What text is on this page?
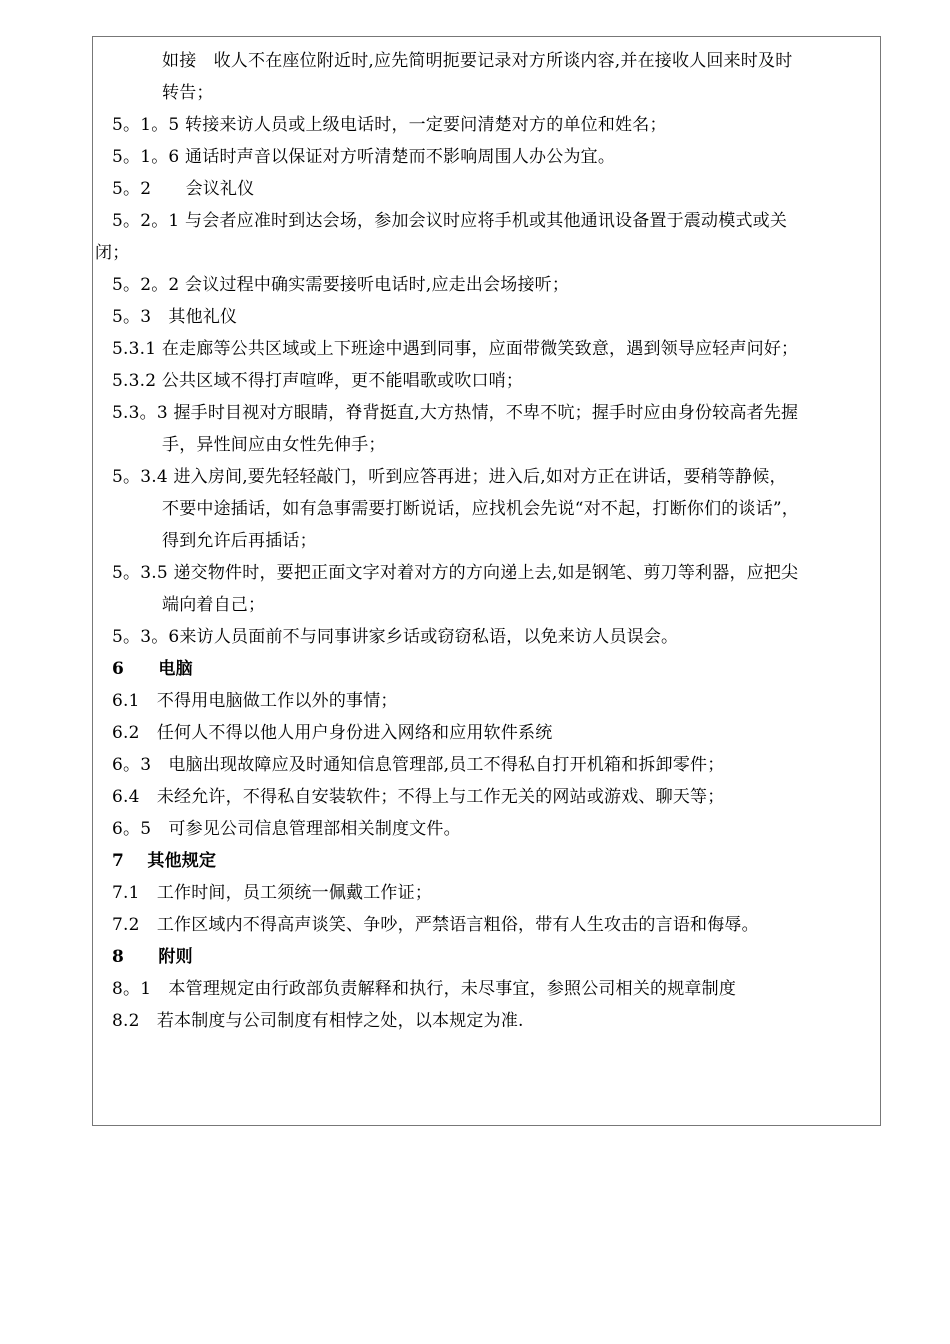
如接　收人不在座位附近时,应先简明扼要记录对方所谈内容,并在接收人回来时及时
转告；
5。1。5 转接来访人员或上级电话时，一定要问清楚对方的单位和姓名；
5。1。6 通话时声音以保证对方听清楚而不影响周围人办公为宜。
5。2　　会议礼仪
5。2。1 与会者应准时到达会场，参加会议时应将手机或其他通讯设备置于震动模式或关
闭；
5。2。2 会议过程中确实需要接听电话时,应走出会场接听；
5。3　其他礼仪
5.3.1 在走廊等公共区域或上下班途中遇到同事，应面带微笑致意，遇到领导应轻声问好；
5.3.2 公共区域不得打声喧哗，更不能唱歌或吹口哨；
5.3。3 握手时目视对方眼睛，脊背挺直,大方热情，不卑不吭；握手时应由身份较高者先握
手，异性间应由女性先伸手；
5。3.4 进入房间,要先轻轻敲门，听到应答再进；进入后,如对方正在讲话，要稍等静候，
不要中途插话，如有急事需要打断说话，应找机会先说“对不起，打断你们的谈话”，
得到允许后再插话；
5。3.5 递交物件时，要把正面文字对着对方的方向递上去,如是钢笔、剪刀等利器，应把尖
端向着自己；
5。3。6来访人员面前不与同事讲家乡话或窃窃私语，以免来访人员误会。
6　　电脑
6.1　不得用电脑做工作以外的事情；
6.2　任何人不得以他人用户身份进入网络和应用软件系统
6。3　电脑出现故障应及时通知信息管理部,员工不得私自打开机箱和拆卸零件；
6.4　未经允许，不得私自安装软件；不得上与工作无关的网站或游戏、聊天等；
6。5　可参见公司信息管理部相关制度文件。
7　 其他规定
7.1　工作时间，员工须统一佩戴工作证；
7.2　工作区域内不得高声谈笑、争吵，严禁语言粗俗，带有人生攻击的言语和侮辱。
8　　附则
8。1　本管理规定由行政部负责解释和执行，未尽事宜，参照公司相关的规章制度
8.2　若本制度与公司制度有相悖之处，以本规定为准.
